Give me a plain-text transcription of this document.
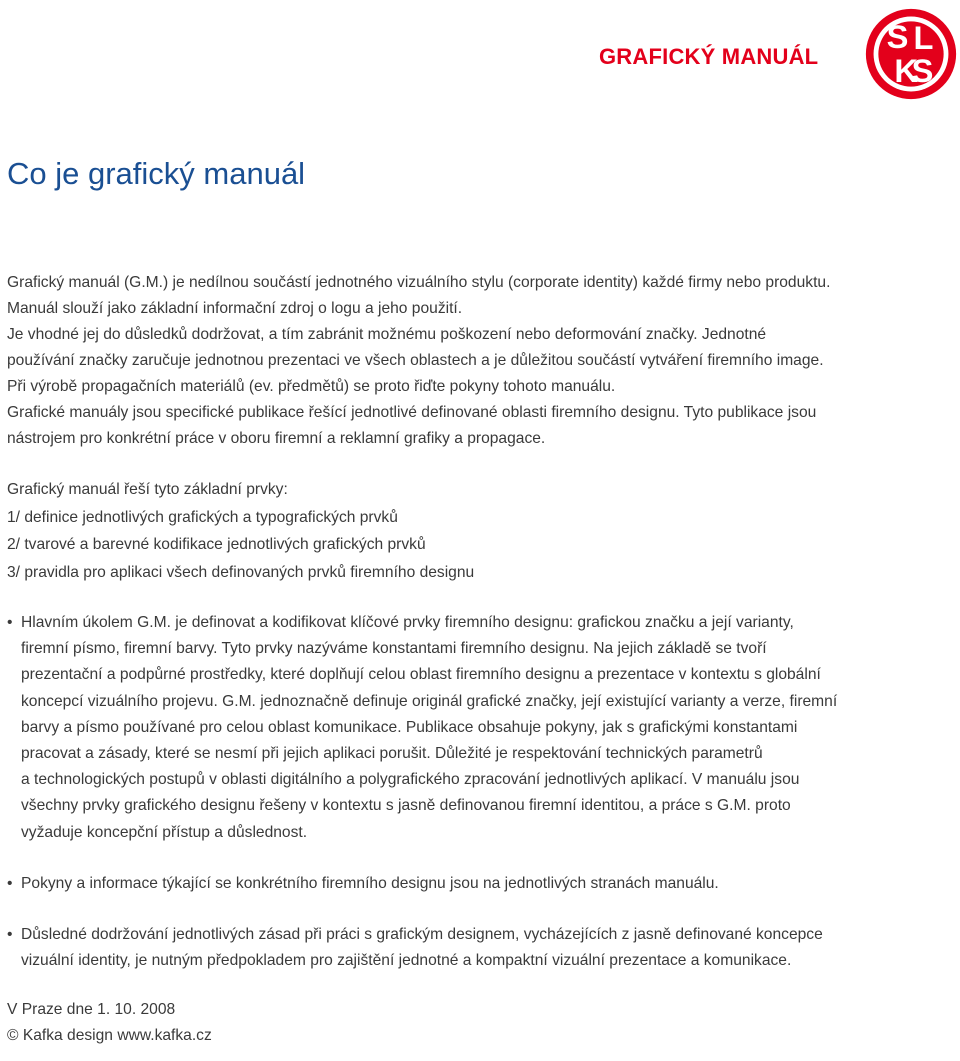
GRAFICKÝ MANUÁL
S L
K
S
Co je grafický manuál

Grafický manuál (G.M.) je nedílnou součástí jednotného vizuálního stylu (corporate identity) každé firmy nebo produktu.

Manuál slouží jako základní informační zdroj o logu a jeho použití.

Je vhodné jej do důsledků dodržovat, a tím zabránit možnému poškození nebo deformování značky. Jednotné

používání značky zaručuje jednotnou prezentaci ve všech oblastech a je důležitou součástí vytváření firemního image.

Při výrobě propagačních materiálů (ev. předmětů) se proto řiďte pokyny tohoto manuálu.

Grafické manuály jsou specifické publikace řešící jednotlivé definované oblasti firemního designu. Tyto publikace jsou

nástrojem pro konkrétní práce v oboru firemní a reklamní grafiky a propagace.

Grafický manuál řeší tyto základní prvky:

1/ definice jednotlivých grafických a typografických prvků

2/ tvarové a barevné kodifikace jednotlivých grafických prvků

3/ pravidla pro aplikaci všech definovaných prvků firemního designu

• Hlavním úkolem G.M. je definovat a kodifikovat klíčové prvky firemního designu: grafickou značku a její varianty,
firemní písmo, firemní barvy. Tyto prvky nazýváme konstantami firemního designu. Na jejich základě se tvoří
prezentační a podpůrné prostředky, které doplňují celou oblast firemního designu a prezentace v kontextu s globální
koncepcí vizuálního projevu. G.M. jednoznačně definuje originál grafické značky, její existující varianty a verze, firemní
barvy a písmo používané pro celou oblast komunikace. Publikace obsahuje pokyny, jak s grafickými konstantami
pracovat a zásady, které se nesmí při jejich aplikaci porušit. Důležité je respektování technických parametrů
a technologických postupů v oblasti digitálního a polygrafického zpracování jednotlivých aplikací. V manuálu jsou
všechny prvky grafického designu řešeny v kontextu s jasně definovanou firemní identitou, a práce s G.M. proto
vyžaduje koncepční přístup a důslednost.
• Pokyny a informace týkající se konkrétního firemního designu jsou na jednotlivých stranách manuálu.
• Důsledné dodržování jednotlivých zásad při práci s grafickým designem, vycházejících z jasně definované koncepce
vizuální identity, je nutným předpokladem pro zajištění jednotné a kompaktní vizuální prezentace a komunikace.

V Praze dne 1. 10. 2008

© Kafka design www.kafka.cz
